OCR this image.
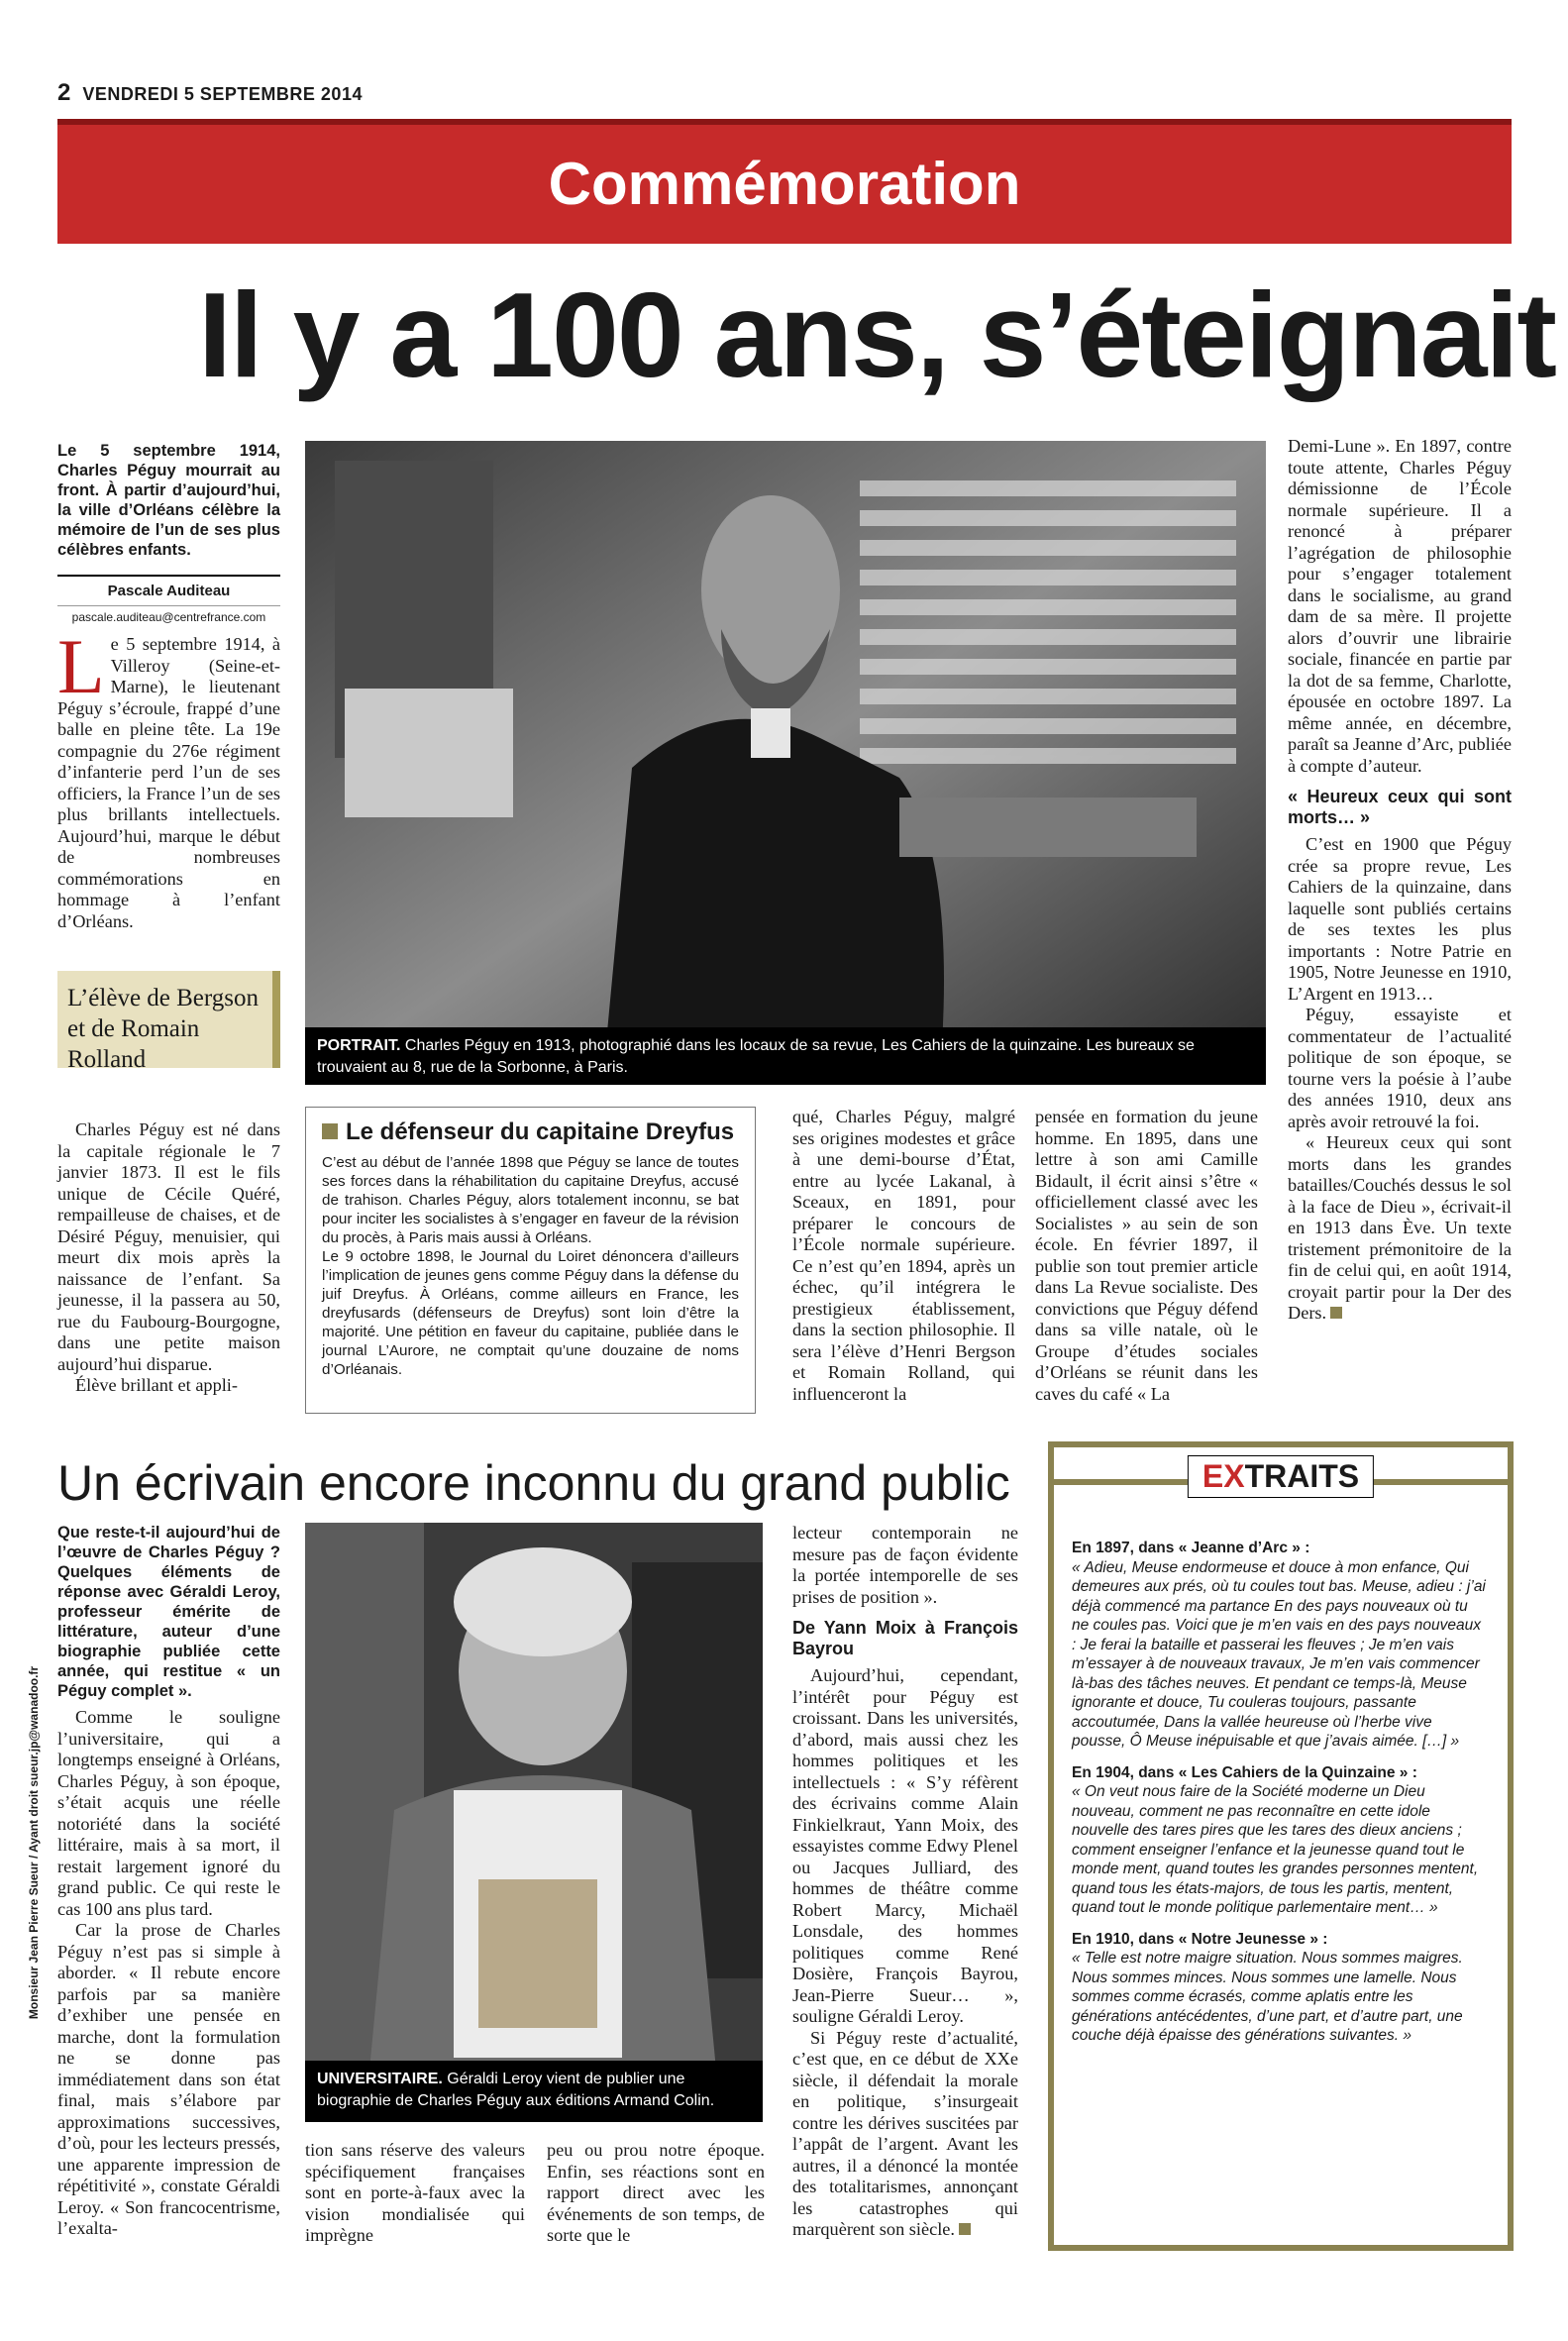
2 VENDREDI 5 SEPTEMBRE 2014
Commémoration
Il y a 100 ans, s’éteignait

Le 5 septembre 1914, Charles Péguy mourrait au front. À partir d’aujourd’hui, la ville d’Orléans célèbre la mémoire de l’un de ses plus célèbres enfants.

Pascale Auditeau
pascale.auditeau@centrefrance.com
Le 5 septembre 1914, à Villeroy (Seine-et-Marne), le lieutenant Péguy s’écroule, frappé d’une balle en pleine tête. La 19e compagnie du 276e régiment d’infanterie perd l’un de ses officiers, la France l’un de ses plus brillants intellectuels. Aujourd’hui, marque le début de nombreuses commémorations en hommage à l’enfant d’Orléans.
L’élève de Bergson et de Romain Rolland

Charles Péguy est né dans la capitale régionale le 7 janvier 1873. Il est le fils unique de Cécile Quéré, rempailleuse de chaises, et de Désiré Péguy, menuisier, qui meurt dix mois après la naissance de l’enfant. Sa jeunesse, il la passera au 50, rue du Faubourg-Bourgogne, dans une petite maison aujourd’hui disparue.

Élève brillant et appli-

PORTRAIT. Charles Péguy en 1913, photographié dans les locaux de sa revue, Les Cahiers de la quinzaine. Les bureaux se trouvaient au 8, rue de la Sorbonne, à Paris.
Le défenseur du capitaine Dreyfus

C’est au début de l’année 1898 que Péguy se lance de toutes ses forces dans la réhabilitation du capitaine Dreyfus, accusé de trahison. Charles Péguy, alors totalement inconnu, se bat pour inciter les socialistes à s’engager en faveur de la révision du procès, à Paris mais aussi à Orléans.

Le 9 octobre 1898, le Journal du Loiret dénoncera d’ailleurs l’implication de jeunes gens comme Péguy dans la défense du juif Dreyfus. À Orléans, comme ailleurs en France, les dreyfusards (défenseurs de Dreyfus) sont loin d’être la majorité. Une pétition en faveur du capitaine, publiée dans le journal L’Aurore, ne comptait qu’une douzaine de noms d’Orléanais.

qué, Charles Péguy, malgré ses origines modestes et grâce à une demi-bourse d’État, entre au lycée Lakanal, à Sceaux, en 1891, pour préparer le concours de l’École normale supérieure. Ce n’est qu’en 1894, après un échec, qu’il intégrera le prestigieux établissement, dans la section philosophie. Il sera l’élève d’Henri Bergson et Romain Rolland, qui influenceront la

pensée en formation du jeune homme. En 1895, dans une lettre à son ami Camille Bidault, il écrit ainsi s’être « officiellement classé avec les Socialistes » au sein de son école. En février 1897, il publie son tout premier article dans La Revue socialiste. Des convictions que Péguy défend dans sa ville natale, où le Groupe d’études sociales d’Orléans se réunit dans les caves du café « La

Demi-Lune ». En 1897, contre toute attente, Charles Péguy démissionne de l’École normale supérieure. Il a renoncé à préparer l’agrégation de philosophie pour s’engager totalement dans le socialisme, au grand dam de sa mère. Il projette alors d’ouvrir une librairie sociale, financée en partie par la dot de sa femme, Charlotte, épousée en octobre 1897. La même année, en décembre, paraît sa Jeanne d’Arc, publiée à compte d’auteur.

« Heureux ceux qui sont morts… »

C’est en 1900 que Péguy crée sa propre revue, Les Cahiers de la quinzaine, dans laquelle sont publiés certains de ses textes les plus importants : Notre Patrie en 1905, Notre Jeunesse en 1910, L’Argent en 1913…

Péguy, essayiste et commentateur de l’actualité politique de son époque, se tourne vers la poésie à l’aube des années 1910, deux ans après avoir retrouvé la foi.

« Heureux ceux qui sont morts dans les grandes batailles/Couchés dessus le sol à la face de Dieu », écrivait-il en 1913 dans Ève. Un texte tristement prémonitoire de la fin de celui qui, en août 1914, croyait partir pour la Der des Ders.

Un écrivain encore inconnu du grand public
Monsieur Jean Pierre Sueur / Ayant droit sueur.jp@wanadoo.fr

Que reste-t-il aujourd’hui de l’œuvre de Charles Péguy ? Quelques éléments de réponse avec Géraldi Leroy, professeur émérite de littérature, auteur d’une biographie publiée cette année, qui restitue « un Péguy complet ».

Comme le souligne l’universitaire, qui a longtemps enseigné à Orléans, Charles Péguy, à son époque, s’était acquis une réelle notoriété dans la société littéraire, mais à sa mort, il restait largement ignoré du grand public. Ce qui reste le cas 100 ans plus tard.

Car la prose de Charles Péguy n’est pas si simple à aborder. « Il rebute encore parfois par sa manière d’exhiber une pensée en marche, dont la formulation ne se donne pas immédiatement dans son état final, mais s’élabore par approximations successives, d’où, pour les lecteurs pressés, une apparente impression de répétitivité », constate Géraldi Leroy. « Son francocentrisme, l’exalta-

UNIVERSITAIRE. Géraldi Leroy vient de publier une biographie de Charles Péguy aux éditions Armand Colin.

tion sans réserve des valeurs spécifiquement françaises sont en porte-à-faux avec la vision mondialisée qui imprègne

peu ou prou notre époque. Enfin, ses réactions sont en rapport direct avec les événements de son temps, de sorte que le

lecteur contemporain ne mesure pas de façon évidente la portée intemporelle de ses prises de position ».

De Yann Moix à François Bayrou

Aujourd’hui, cependant, l’intérêt pour Péguy est croissant. Dans les universités, d’abord, mais aussi chez les hommes politiques et les intellectuels : « S’y réfèrent des écrivains comme Alain Finkielkraut, Yann Moix, des essayistes comme Edwy Plenel ou Jacques Julliard, des hommes de théâtre comme Robert Marcy, Michaël Lonsdale, des hommes politiques comme René Dosière, François Bayrou, Jean-Pierre Sueur… », souligne Géraldi Leroy.

Si Péguy reste d’actualité, c’est que, en ce début de XXe siècle, il défendait la morale en politique, s’insurgeait contre les dérives suscitées par l’appât de l’argent. Avant les autres, il a dénoncé la montée des totalitarismes, annonçant les catastrophes qui marquèrent son siècle.

EXTRAITS

En 1897, dans « Jeanne d’Arc » :

« Adieu, Meuse endormeuse et douce à mon enfance, Qui demeures aux prés, où tu coules tout bas. Meuse, adieu : j’ai déjà commencé ma partance En des pays nouveaux où tu ne coules pas. Voici que je m’en vais en des pays nouveaux : Je ferai la bataille et passerai les fleuves ; Je m’en vais m’essayer à de nouveaux travaux, Je m’en vais commencer là-bas des tâches neuves. Et pendant ce temps-là, Meuse ignorante et douce, Tu couleras toujours, passante accoutumée, Dans la vallée heureuse où l’herbe vive pousse, Ô Meuse inépuisable et que j’avais aimée. […] »

En 1904, dans « Les Cahiers de la Quinzaine » :

« On veut nous faire de la Société moderne un Dieu nouveau, comment ne pas reconnaître en cette idole nouvelle des tares pires que les tares des dieux anciens ; comment enseigner l’enfance et la jeunesse quand tout le monde ment, quand toutes les grandes personnes mentent, quand tous les états-majors, de tous les partis, mentent, quand tout le monde politique parlementaire ment… »

En 1910, dans « Notre Jeunesse » :

« Telle est notre maigre situation. Nous sommes maigres. Nous sommes minces. Nous sommes une lamelle. Nous sommes comme écrasés, comme aplatis entre les générations antécédentes, d’une part, et d’autre part, une couche déjà épaisse des générations suivantes. »
